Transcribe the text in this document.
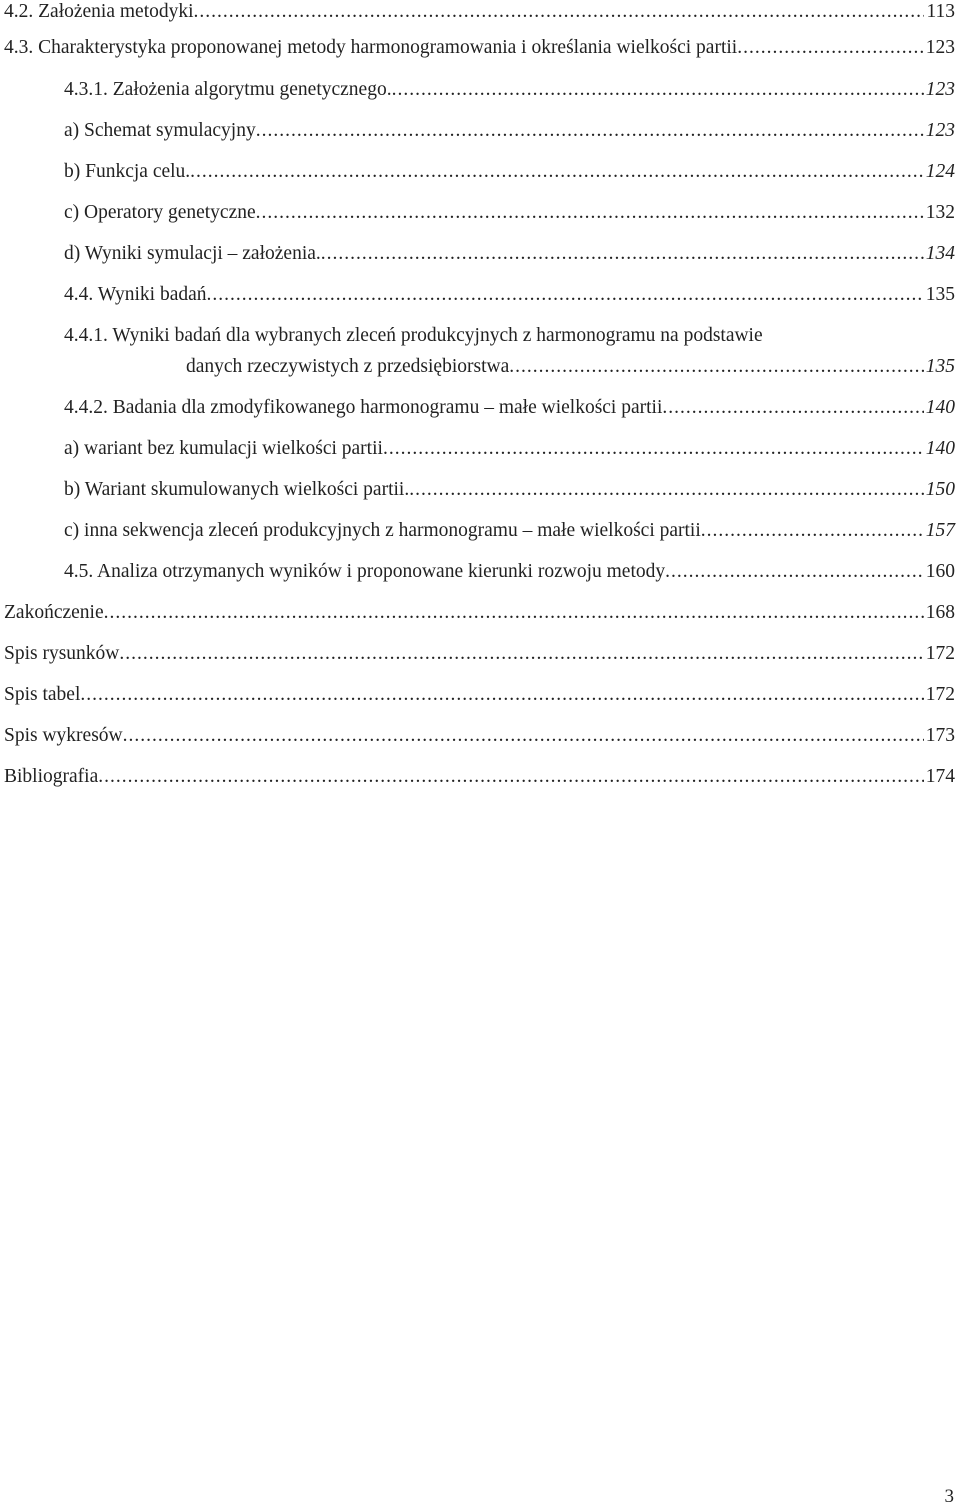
4.2. Założenia metodyki .....	113
4.3. Charakterystyka proponowanej metody harmonogramowania i określania wielkości partii .....	123
4.3.1. Założenia algorytmu genetycznego. .....	123
a) Schemat symulacyjny .....	123
b) Funkcja celu. .....	124
c) Operatory genetyczne .....	132
d) Wyniki symulacji – założenia. .....	134
4.4. Wyniki badań .....	135
4.4.1. Wyniki badań dla wybranych zleceń produkcyjnych z harmonogramu na podstawie
danych rzeczywistych z przedsiębiorstwa .....	135
4.4.2. Badania dla zmodyfikowanego harmonogramu – małe wielkości partii .....	140
a) wariant bez kumulacji wielkości partii .....	140
b) Wariant skumulowanych wielkości partii. .....	150
c) inna sekwencja zleceń produkcyjnych z harmonogramu – małe wielkości partii .....	157
4.5. Analiza otrzymanych wyników i proponowane kierunki rozwoju metody .....	160
Zakończenie .....	168
Spis rysunków .....	172
Spis tabel .....	172
Spis wykresów .....	173
Bibliografia .....	174
3
